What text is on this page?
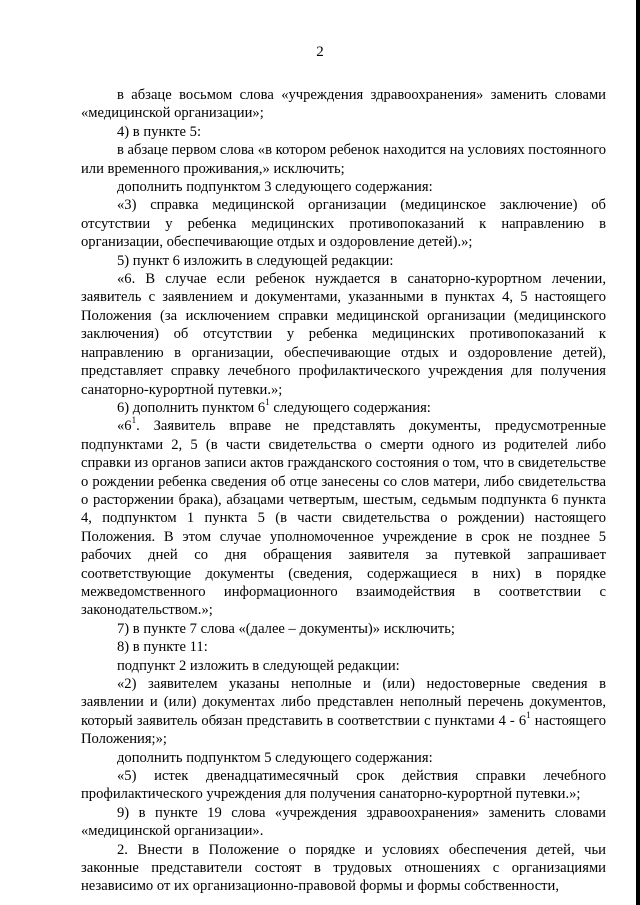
2

в абзаце восьмом слова «учреждения здравоохранения» заменить словами «медицинской организации»;

4) в пункте 5:

в абзаце первом слова «в котором ребенок находится на условиях постоянного или временного проживания,» исключить;

дополнить подпунктом 3 следующего содержания:

«3) справка медицинской организации (медицинское заключение) об отсутствии у ребенка медицинских противопоказаний к направлению в организации, обеспечивающие отдых и оздоровление детей).»;

5) пункт 6 изложить в следующей редакции:

«6. В случае если ребенок нуждается в санаторно-курортном лечении, заявитель с заявлением и документами, указанными в пунктах 4, 5 настоящего Положения (за исключением справки медицинской организации (медицинского заключения) об отсутствии у ребенка медицинских противопоказаний к направлению в организации, обеспечивающие отдых и оздоровление детей), представляет справку лечебного профилактического учреждения для получения санаторно-курортной путевки.»;

6) дополнить пунктом $6^1$ следующего содержания:

«$6^1$. Заявитель вправе не представлять документы, предусмотренные подпунктами 2, 5 (в части свидетельства о смерти одного из родителей либо справки из органов записи актов гражданского состояния о том, что в свидетельстве о рождении ребенка сведения об отце занесены со слов матери, либо свидетельства о расторжении брака), абзацами четвертым, шестым, седьмым подпункта 6 пункта 4, подпунктом 1 пункта 5 (в части свидетельства о рождении) настоящего Положения. В этом случае уполномоченное учреждение в срок не позднее 5 рабочих дней со дня обращения заявителя за путевкой запрашивает соответствующие документы (сведения, содержащиеся в них) в порядке межведомственного информационного взаимодействия в соответствии с законодательством.»;

7) в пункте 7 слова «(далее – документы)» исключить;

8) в пункте 11:

подпункт 2 изложить в следующей редакции:

«2) заявителем указаны неполные и (или) недостоверные сведения в заявлении и (или) документах либо представлен неполный перечень документов, который заявитель обязан представить в соответствии с пунктами $4 - 6^1$ настоящего Положения;»;

дополнить подпунктом 5 следующего содержания:

«5) истек двенадцатимесячный срок действия справки лечебного профилактического учреждения для получения санаторно-курортной путевки.»;

9) в пункте 19 слова «учреждения здравоохранения» заменить словами «медицинской организации».

2. Внести в Положение о порядке и условиях обеспечения детей, чьи законные представители состоят в трудовых отношениях с организациями независимо от их организационно-правовой формы и формы собственности,
